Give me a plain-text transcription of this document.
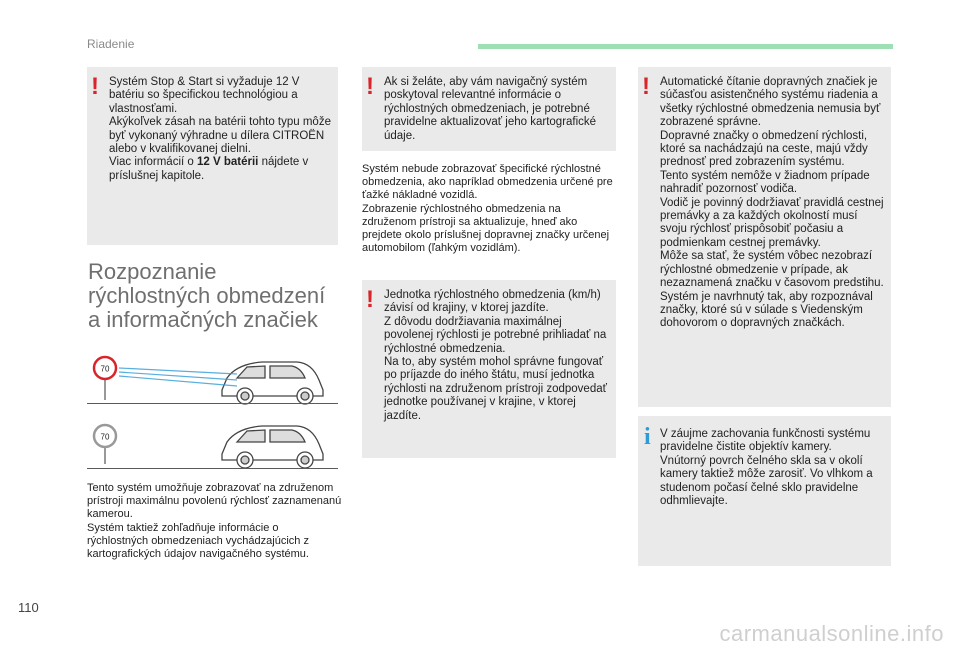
Riadenie
! Systém Stop & Start si vyžaduje 12 V batériu so špecifickou technológiou a vlastnosťami.
Akýkoľvek zásah na batérii tohto typu môže byť vykonaný výhradne u dílera CITROËN alebo v kvalifikovanej dielni.
Viac informácií o 12 V batérii nájdete v príslušnej kapitole.

Rozpoznanie rýchlostných obmedzení a informačných značiek
70
70

Tento systém umožňuje zobrazovať na združenom prístroji maximálnu povolenú rýchlosť zaznamenanú kamerou.
Systém taktiež zohľadňuje informácie o rýchlostných obmedzeniach vychádzajúcich z kartografických údajov navigačného systému.

! Ak si želáte, aby vám navigačný systém poskytoval relevantné informácie o rýchlostných obmedzeniach, je potrebné pravidelne aktualizovať jeho kartografické údaje.

Systém nebude zobrazovať špecifické rýchlostné obmedzenia, ako napríklad obmedzenia určené pre ťažké nákladné vozidlá.
Zobrazenie rýchlostného obmedzenia na združenom prístroji sa aktualizuje, hneď ako prejdete okolo príslušnej dopravnej značky určenej automobilom (ľahkým vozidlám).

! Jednotka rýchlostného obmedzenia (km/h) závisí od krajiny, v ktorej jazdíte.
Z dôvodu dodržiavania maximálnej povolenej rýchlosti je potrebné prihliadať na rýchlostné obmedzenia.
Na to, aby systém mohol správne fungovať po príjazde do iného štátu, musí jednotka rýchlosti na združenom prístroji zodpovedať jednotke používanej v krajine, v ktorej jazdíte.

! Automatické čítanie dopravných značiek je súčasťou asistenčného systému riadenia a všetky rýchlostné obmedzenia nemusia byť zobrazené správne.
Dopravné značky o obmedzení rýchlosti, ktoré sa nachádzajú na ceste, majú vždy prednosť pred zobrazením systému.
Tento systém nemôže v žiadnom prípade nahradiť pozornosť vodiča.
Vodič je povinný dodržiavať pravidlá cestnej premávky a za každých okolností musí svoju rýchlosť prispôsobiť počasiu a podmienkam cestnej premávky.
Môže sa stať, že systém vôbec nezobrazí rýchlostné obmedzenie v prípade, ak nezaznamená značku v časovom predstihu.
Systém je navrhnutý tak, aby rozpoznával značky, ktoré sú v súlade s Viedenským dohovorom o dopravných značkách.

i V záujme zachovania funkčnosti systému pravidelne čistite objektív kamery.
Vnútorný povrch čelného skla sa v okolí kamery taktiež môže zarosiť. Vo vlhkom a studenom počasí čelné sklo pravidelne odhmlievajte.

110
carmanualsonline.info
